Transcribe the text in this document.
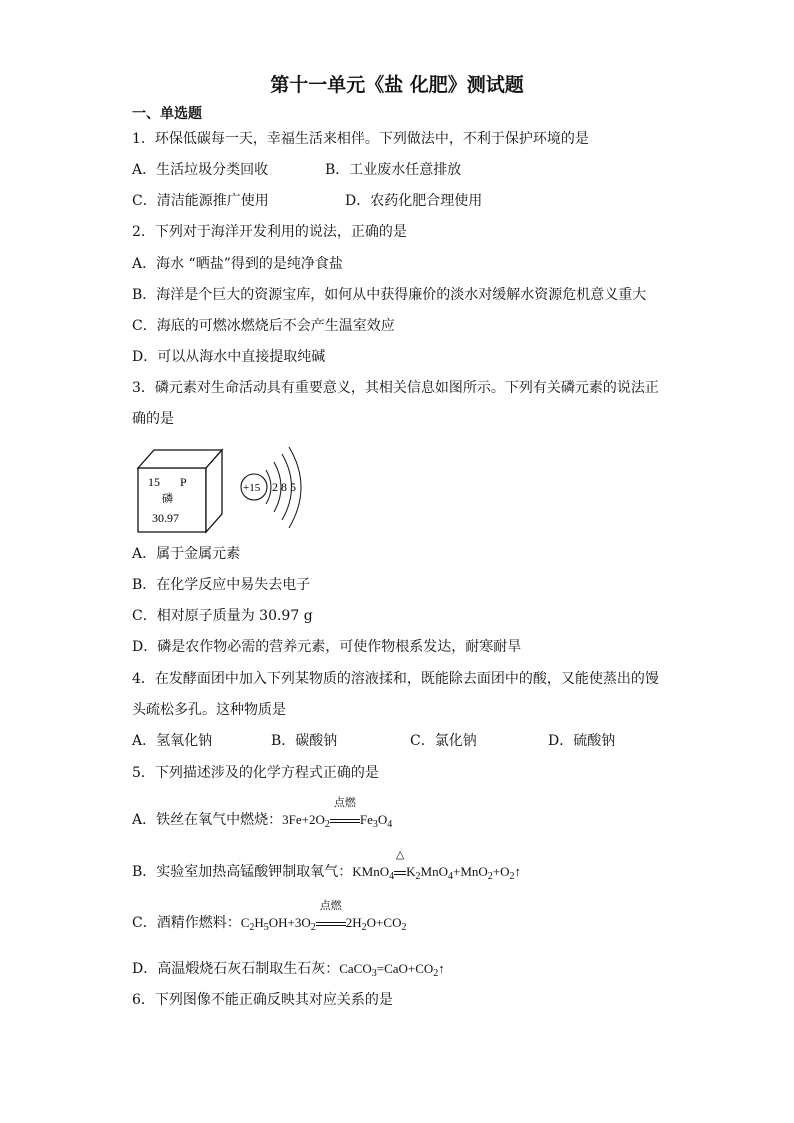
第十一单元《盐 化肥》测试题
一、单选题
1．环保低碳每一天，幸福生活来相伴。下列做法中，不利于保护环境的是
A．生活垃圾分类回收	B．工业废水任意排放
C．清洁能源推广使用	D．农药化肥合理使用
2．下列对于海洋开发利用的说法，正确的是
A．海水 “晒盐”得到的是纯净食盐
B．海洋是个巨大的资源宝库，如何从中获得廉价的淡水对缓解水资源危机意义重大
C．海底的可燃冰燃烧后不会产生温室效应
D．可以从海水中直接提取纯碱
3．磷元素对生命活动具有重要意义，其相关信息如图所示。下列有关磷元素的说法正
确的是
15 P
磷
30.97
+15 2 8 5
A．属于金属元素
B．在化学反应中易失去电子
C．相对原子质量为 30.97 g
D．磷是农作物必需的营养元素，可使作物根系发达，耐寒耐旱
4．在发酵面团中加入下列某物质的溶液揉和，既能除去面团中的酸，又能使蒸出的馒
头疏松多孔。这种物质是
A．氢氧化钠	B．碳酸钠	C．氯化钠	D．硫酸钠
5．下列描述涉及的化学方程式正确的是
A．铁丝在氧气中燃烧：$3Fe+2O_2$
点燃
$Fe_3O_4$
B．实验室加热高锰酸钾制取氧气：KMnO$_4$
△
$K_2MnO_4+MnO_2+O_2↑$
C．酒精作燃料：$C_2H_5OH+3O_2$
点燃
$2H_2O+CO_2$
D．高温煅烧石灰石制取生石灰：$CaCO_3=CaO+CO_2↑$
6．下列图像不能正确反映其对应关系的是
